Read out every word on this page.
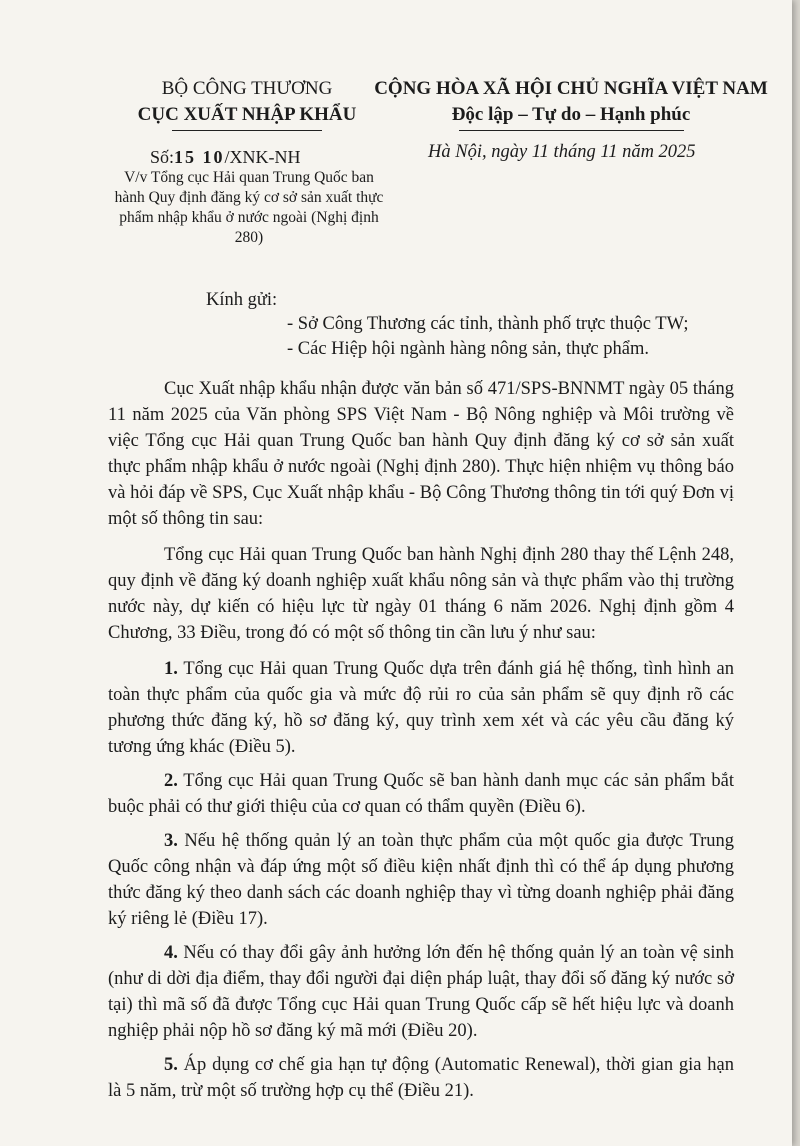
BỘ CÔNG THƯƠNG
CỤC XUẤT NHẬP KHẨU
CỘNG HÒA XÃ HỘI CHỦ NGHĨA VIỆT NAM
Độc lập – Tự do – Hạnh phúc
Số:15 10/XNK-NH
V/v Tổng cục Hải quan Trung Quốc ban hành Quy định đăng ký cơ sở sản xuất thực phẩm nhập khẩu ở nước ngoài (Nghị định 280)
Hà Nội, ngày 11 tháng 11 năm 2025
Kính gửi:
- Sở Công Thương các tỉnh, thành phố trực thuộc TW;
- Các Hiệp hội ngành hàng nông sản, thực phẩm.

Cục Xuất nhập khẩu nhận được văn bản số 471/SPS-BNNMT ngày 05 tháng 11 năm 2025 của Văn phòng SPS Việt Nam - Bộ Nông nghiệp và Môi trường về việc Tổng cục Hải quan Trung Quốc ban hành Quy định đăng ký cơ sở sản xuất thực phẩm nhập khẩu ở nước ngoài (Nghị định 280). Thực hiện nhiệm vụ thông báo và hỏi đáp về SPS, Cục Xuất nhập khẩu - Bộ Công Thương thông tin tới quý Đơn vị một số thông tin sau:

Tổng cục Hải quan Trung Quốc ban hành Nghị định 280 thay thế Lệnh 248, quy định về đăng ký doanh nghiệp xuất khẩu nông sản và thực phẩm vào thị trường nước này, dự kiến có hiệu lực từ ngày 01 tháng 6 năm 2026. Nghị định gồm 4 Chương, 33 Điều, trong đó có một số thông tin cần lưu ý như sau:

1. Tổng cục Hải quan Trung Quốc dựa trên đánh giá hệ thống, tình hình an toàn thực phẩm của quốc gia và mức độ rủi ro của sản phẩm sẽ quy định rõ các phương thức đăng ký, hồ sơ đăng ký, quy trình xem xét và các yêu cầu đăng ký tương ứng khác (Điều 5).

2. Tổng cục Hải quan Trung Quốc sẽ ban hành danh mục các sản phẩm bắt buộc phải có thư giới thiệu của cơ quan có thẩm quyền (Điều 6).

3. Nếu hệ thống quản lý an toàn thực phẩm của một quốc gia được Trung Quốc công nhận và đáp ứng một số điều kiện nhất định thì có thể áp dụng phương thức đăng ký theo danh sách các doanh nghiệp thay vì từng doanh nghiệp phải đăng ký riêng lẻ (Điều 17).

4. Nếu có thay đổi gây ảnh hưởng lớn đến hệ thống quản lý an toàn vệ sinh (như di dời địa điểm, thay đổi người đại diện pháp luật, thay đổi số đăng ký nước sở tại) thì mã số đã được Tổng cục Hải quan Trung Quốc cấp sẽ hết hiệu lực và doanh nghiệp phải nộp hồ sơ đăng ký mã mới (Điều 20).

5. Áp dụng cơ chế gia hạn tự động (Automatic Renewal), thời gian gia hạn là 5 năm, trừ một số trường hợp cụ thể (Điều 21).
